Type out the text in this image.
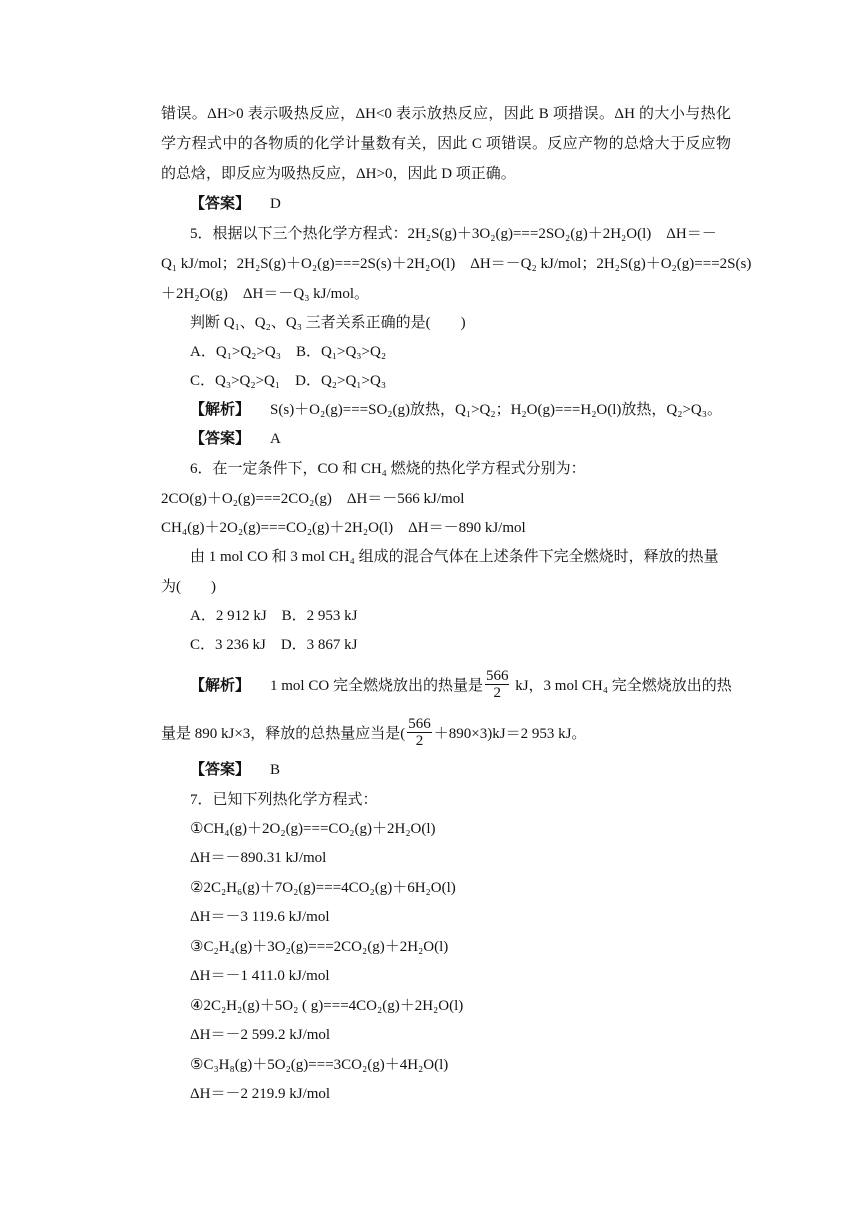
错误。ΔH>0 表示吸热反应，ΔH<0 表示放热反应，因此 B 项措误。ΔH 的大小与热化
学方程式中的各物质的化学计量数有关，因此 C 项错误。反应产物的总焓大于反应物
的总焓，即反应为吸热反应，ΔH>0，因此 D 项正确。
【答案】 D
5．根据以下三个热化学方程式：2H₂S(g)＋3O₂(g)===2SO₂(g)＋2H₂O(l)　ΔH＝－
Q₁ kJ/mol；2H₂S(g)＋O₂(g)===2S(s)＋2H₂O(l)　ΔH＝－Q₂ kJ/mol；2H₂S(g)＋O₂(g)===2S(s)
＋2H₂O(g)　ΔH＝－Q₃ kJ/mol。
判断 Q₁、Q₂、Q₃ 三者关系正确的是(　　)
A．Q₁>Q₂>Q₃　B．Q₁>Q₃>Q₂
C．Q₃>Q₂>Q₁　D．Q₂>Q₁>Q₃
【解析】 S(s)＋O₂(g)===SO₂(g)放热，Q₁>Q₂；H₂O(g)===H₂O(l)放热，Q₂>Q₃。
【答案】 A
6．在一定条件下，CO 和 CH₄ 燃烧的热化学方程式分别为：
2CO(g)＋O₂(g)===2CO₂(g)　ΔH＝－566 kJ/mol
CH₄(g)＋2O₂(g)===CO₂(g)＋2H₂O(l)　ΔH＝－890 kJ/mol
由 1 mol CO 和 3 mol CH₄ 组成的混合气体在上述条件下完全燃烧时，释放的热量
为(　　)
A．2 912 kJ　B．2 953 kJ
C．3 236 kJ　D．3 867 kJ
【解析】 1 mol CO 完全燃烧放出的热量是 $\frac{566}{2}$ kJ，3 mol CH₄ 完全燃烧放出的热
量是 890 kJ×3，释放的总热量应当是( $\frac{566}{2} +890\times 3)kJ=2$ 953 kJ。
【答案】 B
7．已知下列热化学方程式：
①CH₄(g)＋2O₂(g)===CO₂(g)＋2H₂O(l)
ΔH＝－890.31 kJ/mol
②2C₂H₆(g)＋7O₂(g)===4CO₂(g)＋6H₂O(l)
ΔH＝－3 119.6 kJ/mol
③C₂H₄(g)＋3O₂(g)===2CO₂(g)＋2H₂O(l)
ΔH＝－1 411.0 kJ/mol
④2C₂H₂(g)＋5O₂ ( g)===4CO₂(g)＋2H₂O(l)
ΔH＝－2 599.2 kJ/mol
⑤C₃H₈(g)＋5O₂(g)===3CO₂(g)＋4H₂O(l)
ΔH＝－2 219.9 kJ/mol
